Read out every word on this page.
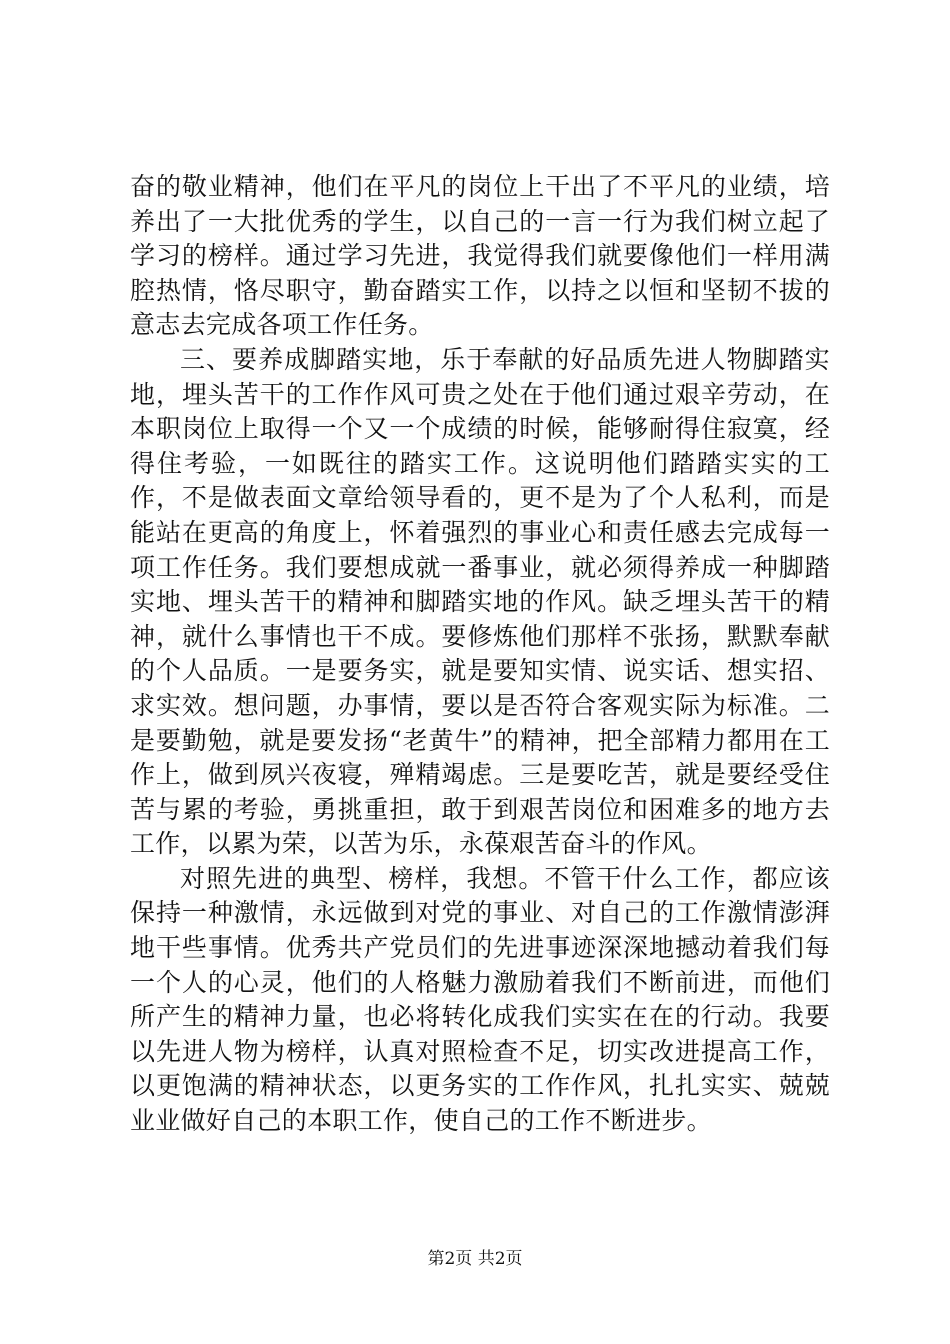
奋的敬业精神，他们在平凡的岗位上干出了不平凡的业绩，培养出了一大批优秀的学生，以自己的一言一行为我们树立起了学习的榜样。通过学习先进，我觉得我们就要像他们一样用满腔热情，恪尽职守，勤奋踏实工作，以持之以恒和坚韧不拔的意志去完成各项工作任务。

三、要养成脚踏实地，乐于奉献的好品质先进人物脚踏实地，埋头苦干的工作作风可贵之处在于他们通过艰辛劳动，在本职岗位上取得一个又一个成绩的时候，能够耐得住寂寞，经得住考验，一如既往的踏实工作。这说明他们踏踏实实的工作，不是做表面文章给领导看的，更不是为了个人私利，而是能站在更高的角度上，怀着强烈的事业心和责任感去完成每一项工作任务。我们要想成就一番事业，就必须得养成一种脚踏实地、埋头苦干的精神和脚踏实地的作风。缺乏埋头苦干的精神，就什么事情也干不成。要修炼他们那样不张扬，默默奉献的个人品质。一是要务实，就是要知实情、说实话、想实招、求实效。想问题，办事情，要以是否符合客观实际为标准。二是要勤勉，就是要发扬“老黄牛”的精神，把全部精力都用在工作上，做到夙兴夜寝，殚精竭虑。三是要吃苦，就是要经受住苦与累的考验，勇挑重担，敢于到艰苦岗位和困难多的地方去工作，以累为荣，以苦为乐，永葆艰苦奋斗的作风。

对照先进的典型、榜样，我想。不管干什么工作，都应该保持一种激情，永远做到对党的事业、对自己的工作激情澎湃地干些事情。优秀共产党员们的先进事迹深深地撼动着我们每一个人的心灵，他们的人格魅力激励着我们不断前进，而他们所产生的精神力量，也必将转化成我们实实在在的行动。我要以先进人物为榜样，认真对照检查不足，切实改进提高工作，以更饱满的精神状态，以更务实的工作作风，扎扎实实、兢兢业业做好自己的本职工作，使自己的工作不断进步。

第2页 共2页
